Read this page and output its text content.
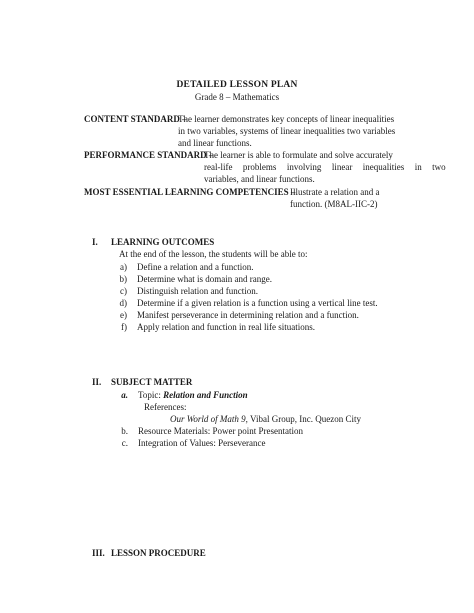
DETAILED LESSON PLAN
Grade 8 – Mathematics
CONTENT STANDARD –
The learner demonstrates key concepts of linear inequalities
in two variables, systems of linear inequalities two variables
and linear functions.
PERFORMANCE STANDARD –
The learner is able to formulate and solve accurately
real-life problems involving linear inequalities in two
variables, and linear functions.
MOST ESSENTIAL LEARNING COMPETENCIES –
Illustrate a relation and a
function. (M8AL-IIC-2)
I. LEARNING OUTCOMES
At the end of the lesson, the students will be able to:
a) Define a relation and a function.
b) Determine what is domain and range.
c) Distinguish relation and function.
d) Determine if a given relation is a function using a vertical line test.
e) Manifest perseverance in determining relation and a function.
f) Apply relation and function in real life situations.
II. SUBJECT MATTER
a. Topic: Relation and Function
References:
Our World of Math 9, Vibal Group, Inc. Quezon City
b. Resource Materials: Power point Presentation
c. Integration of Values: Perseverance
III. LESSON PROCEDURE
